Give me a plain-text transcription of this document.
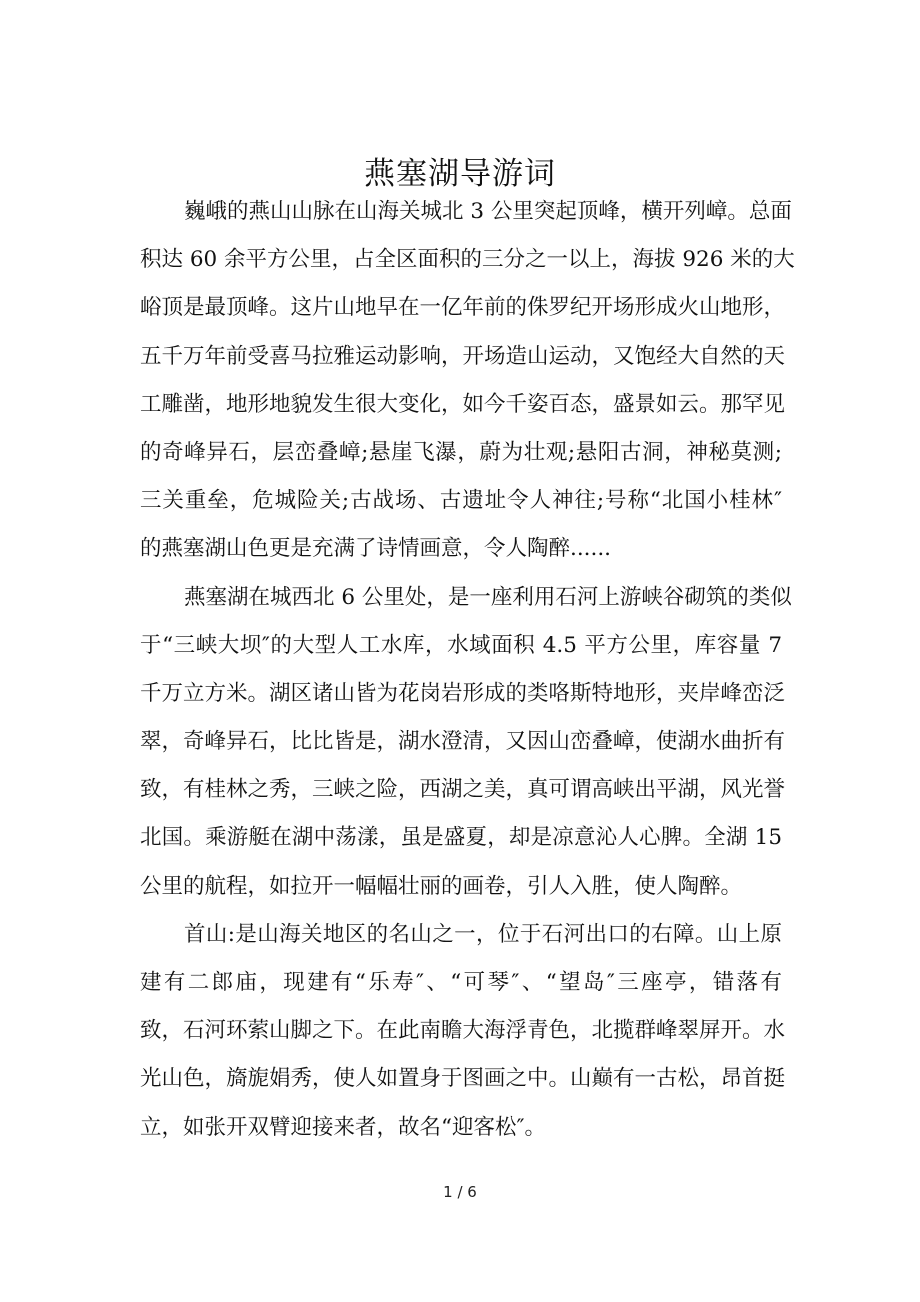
燕塞湖导游词
巍峨的燕山山脉在山海关城北 3 公里突起顶峰，横开列嶂。总面
积达 60 余平方公里，占全区面积的三分之一以上，海拔 926 米的大
峪顶是最顶峰。这片山地早在一亿年前的侏罗纪开场形成火山地形，
五千万年前受喜马拉雅运动影响，开场造山运动，又饱经大自然的天
工雕凿，地形地貌发生很大变化，如今千姿百态，盛景如云。那罕见
的奇峰异石，层峦叠嶂;悬崖飞瀑，蔚为壮观;悬阳古洞，神秘莫测;
三关重垒，危城险关;古战场、古遗址令人神往;号称“北国小桂林″
的燕塞湖山色更是充满了诗情画意，令人陶醉......
燕塞湖在城西北 6 公里处，是一座利用石河上游峡谷砌筑的类似
于“三峡大坝″的大型人工水库，水域面积 4.5 平方公里，库容量 7
千万立方米。湖区诸山皆为花岗岩形成的类咯斯特地形，夹岸峰峦泛
翠，奇峰异石，比比皆是，湖水澄清，又因山峦叠嶂，使湖水曲折有
致，有桂林之秀，三峡之险，西湖之美，真可谓高峡出平湖，风光誉
北国。乘游艇在湖中荡漾，虽是盛夏，却是凉意沁人心脾。全湖 15
公里的航程，如拉开一幅幅壮丽的画卷，引人入胜，使人陶醉。
首山:是山海关地区的名山之一，位于石河出口的右障。山上原
建有二郎庙，现建有“乐寿″、“可琴″、“望岛″三座亭，错落有
致，石河环萦山脚之下。在此南瞻大海浮青色，北揽群峰翠屏开。水
光山色，旖旎娟秀，使人如置身于图画之中。山巅有一古松，昂首挺
立，如张开双臂迎接来者，故名“迎客松″。
1 / 6
